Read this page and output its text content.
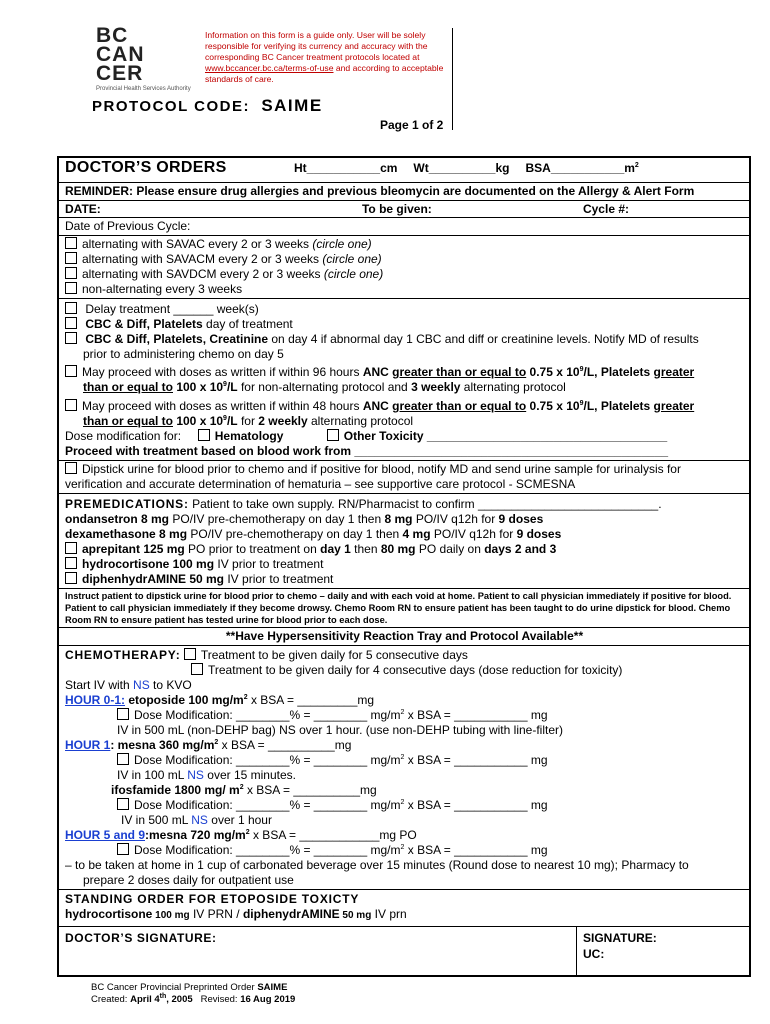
BC
CAN
CER
Provincial Health Services Authority
Information on this form is a guide only. User will be solely responsible for verifying its currency and accuracy with the corresponding BC Cancer treatment protocols located at www.bccancer.bc.ca/terms-of-use and according to acceptable standards of care.
PROTOCOL CODE: SAIME
Page 1 of 2
DOCTOR’S ORDERS	Ht___________cm Wt__________kg $BSA\_\_\_\_\_\_\_\_\_\_\_m^2$
REMINDER: Please ensure drug allergies and previous bleomycin are documented on the Allergy & Alert Form
DATE:	To be given:	Cycle #:
Date of Previous Cycle:
alternating with SAVAC every 2 or 3 weeks (circle one)
alternating with SAVACM every 2 or 3 weeks (circle one)
alternating with SAVDCM every 2 or 3 weeks (circle one)
non-alternating every 3 weeks
Delay treatment ______ week(s)
CBC & Diff, Platelets day of treatment
CBC & Diff, Platelets, Creatinine on day 4 if abnormal day 1 CBC and diff or creatinine levels. Notify MD of results
prior to administering chemo on day 5
May proceed with doses as written if within 96 hours ANC greater than or equal to 0.75 x $10^9/L$, Platelets greater
than or equal to 100 x $10^9/L$ for non-alternating protocol and 3 weekly alternating protocol
May proceed with doses as written if within 48 hours ANC greater than or equal to 0.75 x $10^9/L$, Platelets greater
than or equal to 100 x $10^9/L$ for 2 weekly alternating protocol
Dose modification for:	Hematology	Other Toxicity ____________________________________
Proceed with treatment based on blood work from _______________________________________________
Dipstick urine for blood prior to chemo and if positive for blood, notify MD and send urine sample for urinalysis for
verification and accurate determination of hematuria – see supportive care protocol - SCMESNA
PREMEDICATIONS: Patient to take own supply. RN/Pharmacist to confirm ___________________________.
ondansetron 8 mg PO/IV pre-chemotherapy on day 1 then 8 mg PO/IV q12h for 9 doses
dexamethasone 8 mg PO/IV pre-chemotherapy on day 1 then 4 mg PO/IV q12h for 9 doses
aprepitant 125 mg PO prior to treatment on day 1 then 80 mg PO daily on days 2 and 3
hydrocortisone 100 mg IV prior to treatment
diphenhydrAMINE 50 mg IV prior to treatment
Instruct patient to dipstick urine for blood prior to chemo – daily and with each void at home. Patient to call physician immediately if positive for blood. Patient to call physician immediately if they become drowsy. Chemo Room RN to ensure patient has been taught to do urine dipstick for blood. Chemo Room RN to ensure patient has tested urine for blood prior to each dose.
**Have Hypersensitivity Reaction Tray and Protocol Available**
CHEMOTHERAPY: Treatment to be given daily for 5 consecutive days
Treatment to be given daily for 4 consecutive days (dose reduction for toxicity)
Start IV with NS to KVO
HOUR 0-1: etoposide 100 $mg/m^2$ x BSA = _________mg
Dose Modification: ________% = ________ $mg/m^2$ x BSA = ___________ mg
IV in 500 mL (non-DEHP bag) NS over 1 hour. (use non-DEHP tubing with line-filter)
HOUR 1: mesna 360 $mg/m^2$ x BSA = __________mg
Dose Modification: ________% = ________ $mg/m^2$ x BSA = ___________ mg
IV in 100 mL NS over 15 minutes.
ifosfamide 1800 mg/ $m^2$ x BSA = __________mg
Dose Modification: ________% = ________ $mg/m^2$ x BSA = ___________ mg
IV in 500 mL NS over 1 hour
HOUR 5 and 9:mesna 720 $mg/m^2$ x BSA = ____________mg PO
Dose Modification: ________% = ________ $mg/m^2$ x BSA = ___________ mg
– to be taken at home in 1 cup of carbonated beverage over 15 minutes (Round dose to nearest 10 mg); Pharmacy to
prepare 2 doses daily for outpatient use
STANDING ORDER FOR ETOPOSIDE TOXICTY
hydrocortisone 100 mg IV PRN / diphenydrAMINE 50 mg IV prn
DOCTOR’S SIGNATURE:	SIGNATURE:
UC:
BC Cancer Provincial Preprinted Order SAIME
Created: April 4th, 2005   Revised: 16 Aug 2019
